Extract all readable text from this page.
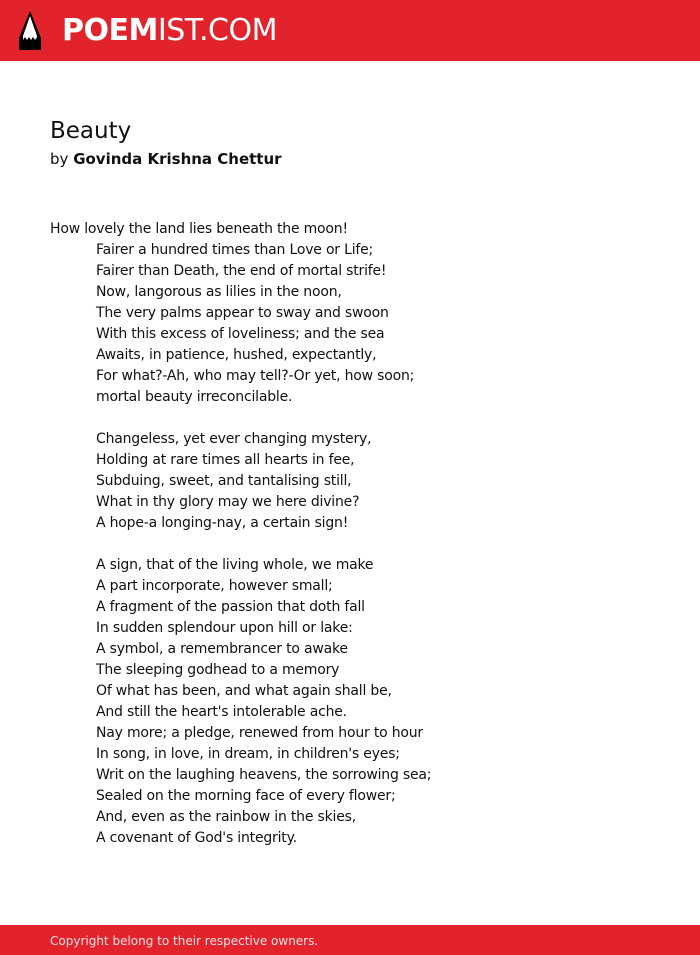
POEMIST.COM
Beauty
by Govinda Krishna Chettur
How lovely the land lies beneath the moon!
Fairer a hundred times than Love or Life;
Fairer than Death, the end of mortal strife!
Now, langorous as lilies in the noon,
The very palms appear to sway and swoon
With this excess of loveliness; and the sea
Awaits, in patience, hushed, expectantly,
For what?-Ah, who may tell?-Or yet, how soon;
mortal beauty irreconcilable.
Changeless, yet ever changing mystery,
Holding at rare times all hearts in fee,
Subduing, sweet, and tantalising still,
What in thy glory may we here divine?
A hope-a longing-nay, a certain sign!
A sign, that of the living whole, we make
A part incorporate, however small;
A fragment of the passion that doth fall
In sudden splendour upon hill or lake:
A symbol, a remembrancer to awake
The sleeping godhead to a memory
Of what has been, and what again shall be,
And still the heart's intolerable ache.
Nay more; a pledge, renewed from hour to hour
In song, in love, in dream, in children's eyes;
Writ on the laughing heavens, the sorrowing sea;
Sealed on the morning face of every flower;
And, even as the rainbow in the skies,
A covenant of God's integrity.
Copyright belong to their respective owners.
